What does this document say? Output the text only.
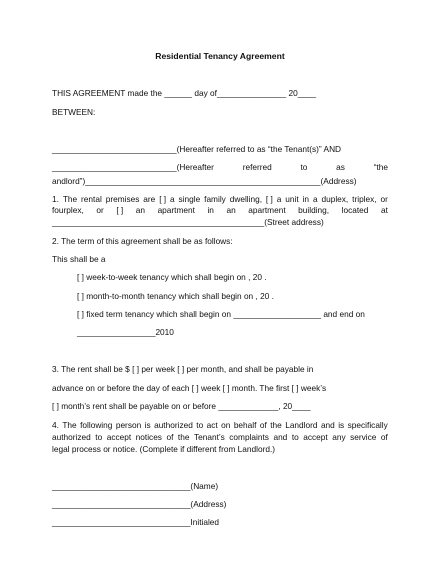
Residential Tenancy Agreement
THIS AGREEMENT made the ______ day of_______________ 20____
BETWEEN:
___________________________(Hereafter referred to as “the Tenant(s)” AND
___________________________(Hereafter	referred	to	as	“the
andlord”)___________________________________________________(Address)
1. The rental premises are [ ] a single family dwelling, [ ] a unit in a duplex, triplex, or
fourplex, or [ ] an apartment in an apartment building, located at
______________________________________________(Street address)
2. The term of this agreement shall be as follows:
This shall be a
[ ] week-to-week tenancy which shall begin on , 20 .
[ ] month-to-month tenancy which shall begin on , 20 .
[ ] fixed term tenancy which shall begin on ___________________ and end on
_________________2010
3. The rent shall be $ [ ] per week [ ] per month, and shall be payable in
advance on or before the day of each [ ] week [ ] month. The first [ ] week’s
[ ] month’s rent shall be payable on or before _____________, 20____
4. The following person is authorized to act on behalf of the Landlord and is specifically
authorized to accept notices of the Tenant’s complaints and to accept any service of
legal process or notice. (Complete if different from Landlord.)
______________________________(Name)
______________________________(Address)
______________________________Initialed
